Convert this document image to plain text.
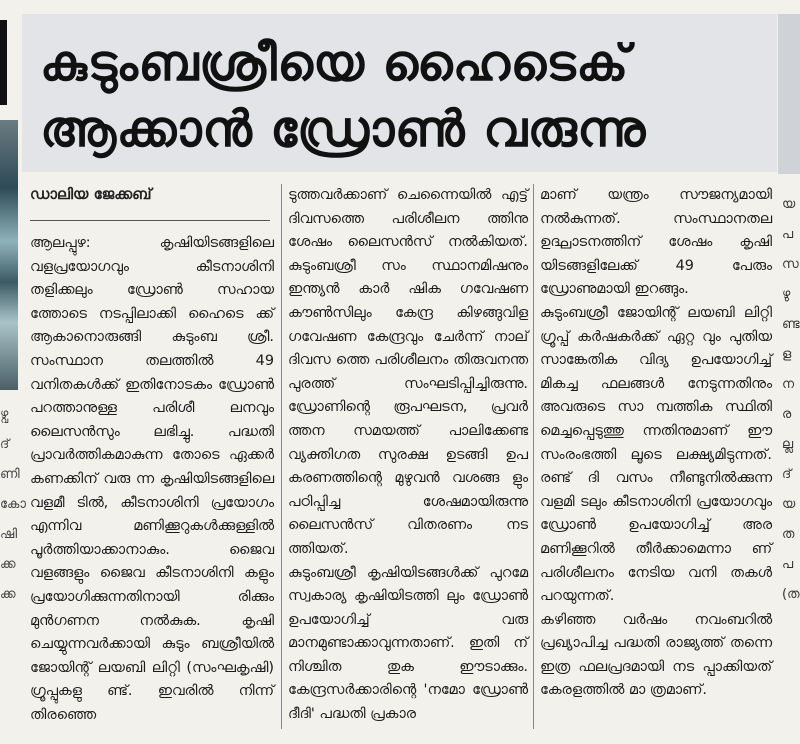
ഴ്വ ദ് ണി കോ ഷി ക്ക ക്ക
യ പ സ ഴു ണ്ട ള ന ര ല്ല ദ് യ ത പ (ത
കുടുംബശ്രീയെ ഹൈടെക്
ആക്കാൻ ഡ്രോൺ വരുന്നു
ഡാലിയ ജേക്കബ്

ആലപ്പുഴ: കൃഷിയിടങ്ങളിലെ വളപ്രയോഗവും കീടനാശിനി തളിക്കലും ഡ്രോൺ സഹായ ത്തോടെ നടപ്പിലാക്കി ഹൈടെ ക്ക് ആകാനൊരുങ്ങി കുടുംബ ശ്രീ. സംസ്ഥാന തലത്തിൽ 49 വനിതകൾക്ക് ഇതിനോടകം ഡ്രോൺ പറത്താനുള്ള പരിശീ ലനവും ലൈസൻസും ലഭിച്ചു. പദ്ധതി പ്രാവർത്തികമാകുന്ന തോടെ ഏക്കർ കണക്കിന് വരു ന്ന കൃഷിയിടങ്ങളിലെ വളമീ ടിൽ, കീടനാശിനി പ്രയോഗം എന്നിവ മണിക്കൂറുകൾക്കുള്ളിൽ പൂർത്തിയാക്കാനാകും. ജൈവ വളങ്ങളും ജൈവ കീടനാശിനി കളും പ്രയോഗിക്കുന്നതിനായി രിക്കും മുൻഗണന നൽകുക. കൃഷി ചെയ്യുന്നവർക്കായി കുടും ബശ്രീയിൽ ജോയിന്റ് ലയബി ലിറ്റി (സംഘകൃഷി) ഗ്രൂപ്പുകളു ണ്ട്. ഇവരിൽ നിന്ന് തിരഞ്ഞെ

ടുത്തവർക്കാണ് ചെന്നൈയിൽ എട്ട് ദിവസത്തെ പരിശീലന ത്തിനു ശേഷം ലൈസൻസ് നൽകിയത്. കുടുംബശ്രീ സം സ്ഥാനമിഷനും ഇന്ത്യൻ കാർ ഷിക ഗവേഷണ കൗൺസിലും കേന്ദ്ര കിഴങ്ങുവിള ഗവേഷണ കേന്ദ്രവും ചേർന്ന് നാല് ദിവസ ത്തെ പരിശീലനം തിരുവനന്ത പുരത്ത് സംഘടിപ്പിച്ചിരുന്നു. ഡ്രോണിന്റെ രൂപഘടന, പ്രവർ ത്തന സമയത്ത് പാലിക്കേണ്ട വ്യക്തിഗത സുരക്ഷ ഉടങ്ങി ഉപ കരണത്തിന്റെ മുഴുവൻ വശങ്ങ ളും പഠിപ്പിച്ച ശേഷമായിരുന്നു ലൈസൻസ് വിതരണം നട ത്തിയത്.

കുടുംബശ്രീ കൃഷിയിടങ്ങൾക്ക് പുറമേ സ്വകാര്യ കൃഷിയിടത്തി ലും ഡ്രോൺ ഉപയോഗിച്ച് വരു മാനമുണ്ടാക്കാവുന്നതാണ്. ഇതി ന് നിശ്ചിത തുക ഈടാക്കും. കേന്ദ്രസർക്കാരിന്റെ 'നമോ ഡ്രോൺ ദീദി' പദ്ധതി പ്രകാര

മാണ് യന്ത്രം സൗജന്യമായി നൽകുന്നത്. സംസ്ഥാനതല ഉദ്ഘാടനത്തിന് ശേഷം കൃഷി യിടങ്ങളിലേക്ക് 49 പേരും ഡ്രോണുമായി ഇറങ്ങും.

കുടുംബശ്രീ ജോയിന്റ് ലയബി ലിറ്റി ഗ്രൂപ്പ് കർഷകർക്ക് ഏറ്റ വും പുതിയ സാങ്കേതിക വിദ്യ ഉപയോഗിച്ച് മികച്ച ഫലങ്ങൾ നേടുന്നതിനും അവരുടെ സാ മ്പത്തിക സ്ഥിതി മെച്ചപ്പെടുത്തു ന്നതിനുമാണ് ഈ സംരംഭത്തി ലൂടെ ലക്ഷ്യമിടുന്നത്. രണ്ട് ദി വസം നീണ്ടുനിൽക്കുന്ന വളമി ടലും കീടനാശിനി പ്രയോഗവും ഡ്രോൺ ഉപയോഗിച്ച് അര മണിക്കൂറിൽ തീർക്കാമെന്നാ ണ് പരിശീലനം നേടിയ വനി തകൾ പറയുന്നത്.

കഴിഞ്ഞ വർഷം നവംബറിൽ പ്രഖ്യാപിച്ച പദ്ധതി രാജ്യത്ത് തന്നെ ഇത്ര ഫലപ്രദമായി നട പ്പാക്കിയത് കേരളത്തിൽ മാ ത്രമാണ്.
